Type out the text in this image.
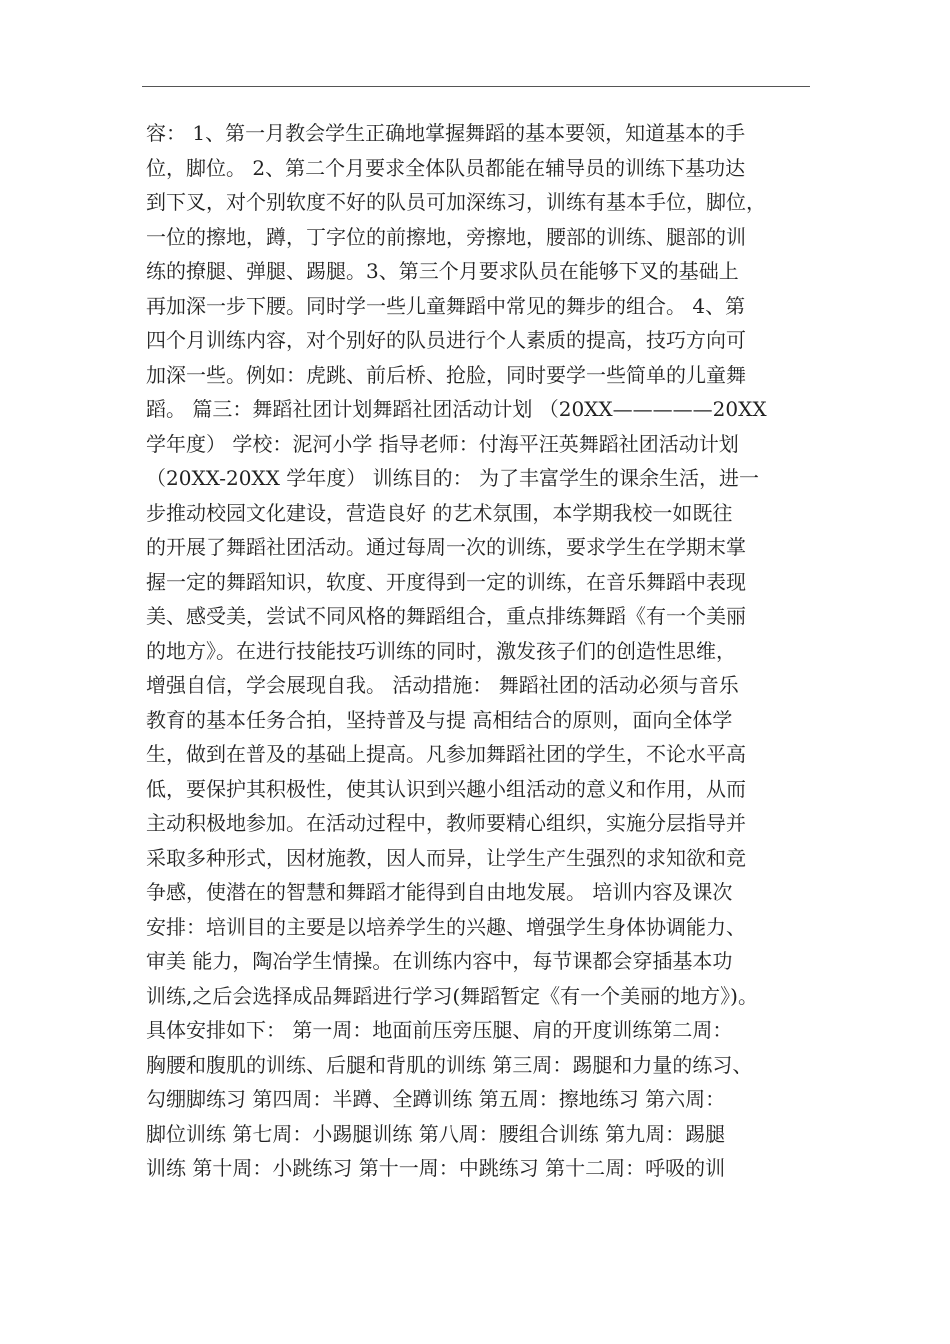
容： 1、第一月教会学生正确地掌握舞蹈的基本要领，知道基本的手
位，脚位。 2、第二个月要求全体队员都能在辅导员的训练下基功达
到下叉，对个别软度不好的队员可加深练习，训练有基本手位，脚位，
一位的擦地，蹲，丁字位的前擦地，旁擦地，腰部的训练、腿部的训
练的撩腿、弹腿、踢腿。3、第三个月要求队员在能够下叉的基础上
再加深一步下腰。同时学一些儿童舞蹈中常见的舞步的组合。 4、第
四个月训练内容，对个别好的队员进行个人素质的提高，技巧方向可
加深一些。例如：虎跳、前后桥、抢脸，同时要学一些简单的儿童舞
蹈。 篇三：舞蹈社团计划舞蹈社团活动计划 （20XX—————20XX
学年度） 学校：泥河小学 指导老师：付海平汪英舞蹈社团活动计划
（20XX-20XX 学年度） 训练目的： 为了丰富学生的课余生活，进一
步推动校园文化建设，营造良好 的艺术氛围，本学期我校一如既往
的开展了舞蹈社团活动。通过每周一次的训练，要求学生在学期末掌
握一定的舞蹈知识，软度、开度得到一定的训练，在音乐舞蹈中表现
美、感受美，尝试不同风格的舞蹈组合，重点排练舞蹈《有一个美丽
的地方》。在进行技能技巧训练的同时，激发孩子们的创造性思维，
增强自信，学会展现自我。 活动措施： 舞蹈社团的活动必须与音乐
教育的基本任务合拍，坚持普及与提 高相结合的原则，面向全体学
生，做到在普及的基础上提高。凡参加舞蹈社团的学生，不论水平高
低，要保护其积极性，使其认识到兴趣小组活动的意义和作用，从而
主动积极地参加。在活动过程中，教师要精心组织，实施分层指导并
采取多种形式，因材施教，因人而异，让学生产生强烈的求知欲和竞
争感，使潜在的智慧和舞蹈才能得到自由地发展。 培训内容及课次
安排：培训目的主要是以培养学生的兴趣、增强学生身体协调能力、
审美 能力，陶冶学生情操。在训练内容中，每节课都会穿插基本功
训练,之后会选择成品舞蹈进行学习(舞蹈暂定《有一个美丽的地方》)。
具体安排如下： 第一周：地面前压旁压腿、肩的开度训练第二周：
胸腰和腹肌的训练、后腿和背肌的训练 第三周：踢腿和力量的练习、
勾绷脚练习 第四周：半蹲、全蹲训练 第五周：擦地练习 第六周：
脚位训练 第七周：小踢腿训练 第八周：腰组合训练 第九周：踢腿
训练 第十周：小跳练习 第十一周：中跳练习 第十二周：呼吸的训
